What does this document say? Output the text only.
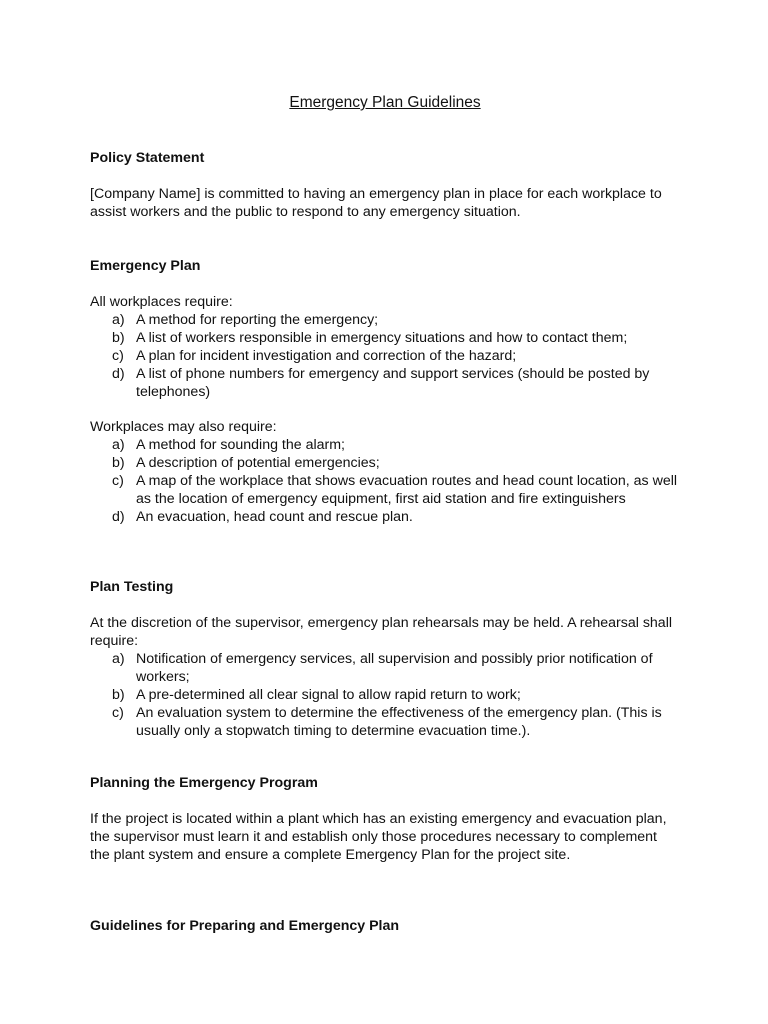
Emergency Plan Guidelines
Policy Statement

[Company Name] is committed to having an emergency plan in place for each workplace to assist workers and the public to respond to any emergency situation.

Emergency Plan

All workplaces require:

a) A method for reporting the emergency;
b) A list of workers responsible in emergency situations and how to contact them;
c) A plan for incident investigation and correction of the hazard;
d) A list of phone numbers for emergency and support services (should be posted by telephones)

Workplaces may also require:

a) A method for sounding the alarm;
b) A description of potential emergencies;
c) A map of the workplace that shows evacuation routes and head count location, as well as the location of emergency equipment, first aid station and fire extinguishers
d) An evacuation, head count and rescue plan.
Plan Testing

At the discretion of the supervisor, emergency plan rehearsals may be held. A rehearsal shall require:

a) Notification of emergency services, all supervision and possibly prior notification of workers;
b) A pre-determined all clear signal to allow rapid return to work;
c) An evaluation system to determine the effectiveness of the emergency plan. (This is usually only a stopwatch timing to determine evacuation time.).
Planning the Emergency Program

If the project is located within a plant which has an existing emergency and evacuation plan, the supervisor must learn it and establish only those procedures necessary to complement the plant system and ensure a complete Emergency Plan for the project site.

Guidelines for Preparing and Emergency Plan
